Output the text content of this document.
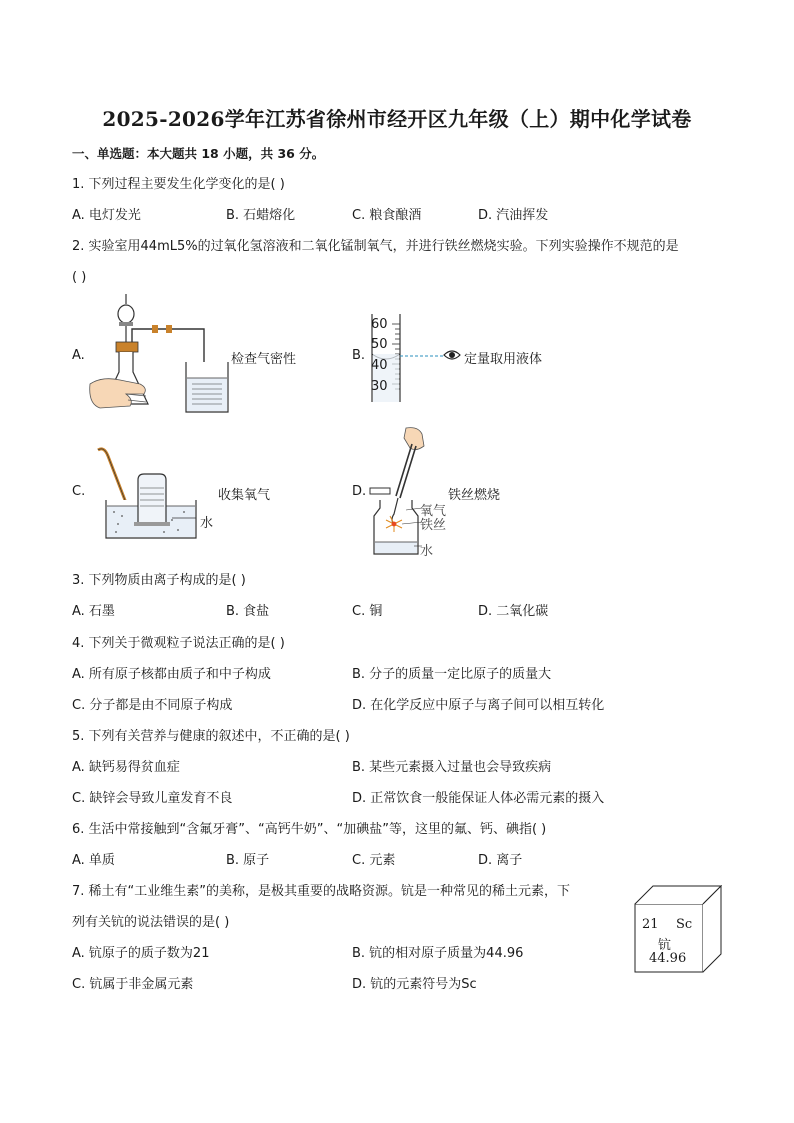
2025-2026学年江苏省徐州市经开区九年级（上）期中化学试卷
一、单选题：本大题共 18 小题，共 36 分。
1. 下列过程主要发生化学变化的是( )
A. 电灯发光	B. 石蜡熔化	C. 粮食酿酒	D. 汽油挥发
2. 实验室用44mL5%的过氧化氢溶液和二氧化锰制氧气，并进行铁丝燃烧实验。下列实验操作不规范的是
( )
A.	检查气密性	B.
60
50
40
30
定量取用液体
C.
水
收集氧气	D.
氧气
铁丝
水
铁丝燃烧
3. 下列物质由离子构成的是( )
A. 石墨	B. 食盐	C. 铜	D. 二氧化碳
4. 下列关于微观粒子说法正确的是( )
A. 所有原子核都由质子和中子构成	B. 分子的质量一定比原子的质量大
C. 分子都是由不同原子构成	D. 在化学反应中原子与离子间可以相互转化
5. 下列有关营养与健康的叙述中，不正确的是( )
A. 缺钙易得贫血症	B. 某些元素摄入过量也会导致疾病
C. 缺锌会导致儿童发育不良	D. 正常饮食一般能保证人体必需元素的摄入
6. 生活中常接触到“含氟牙膏”、“高钙牛奶”、“加碘盐”等，这里的氟、钙、碘指( )
A. 单质	B. 原子	C. 元素	D. 离子
7. 稀土有“工业维生素”的美称，是极其重要的战略资源。钪是一种常见的稀土元素，下
列有关钪的说法错误的是( )
A. 钪原子的质子数为21	B. 钪的相对原子质量为44.96
C. 钪属于非金属元素	D. 钪的元素符号为Sc
21 Sc
钪
44.96
